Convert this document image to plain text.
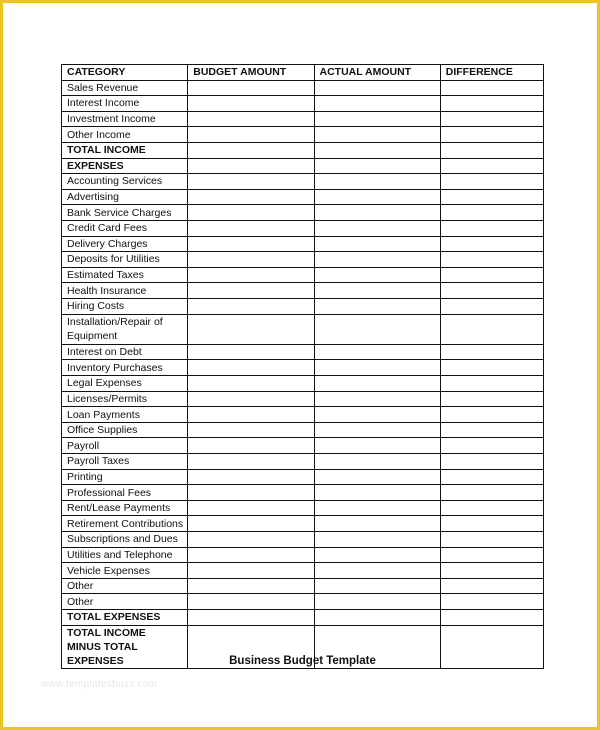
CATEGORY	BUDGET AMOUNT	ACTUAL AMOUNT	DIFFERENCE
Sales Revenue			
Interest Income			
Investment Income			
Other Income			
TOTAL INCOME			
EXPENSES			
Accounting Services			
Advertising			
Bank Service Charges			
Credit Card Fees			
Delivery Charges			
Deposits for Utilities			
Estimated Taxes			
Health Insurance			
Hiring Costs			
Installation/Repair of Equipment			
Interest on Debt			
Inventory Purchases			
Legal Expenses			
Licenses/Permits			
Loan Payments			
Office Supplies			
Payroll			
Payroll Taxes			
Printing			
Professional Fees			
Rent/Lease Payments			
Retirement Contributions			
Subscriptions and Dues			
Utilities and Telephone			
Vehicle Expenses			
Other			
Other			
TOTAL EXPENSES			
TOTAL INCOME MINUS TOTAL EXPENSES				Business Budget Template
www.templatesbuzz.com
